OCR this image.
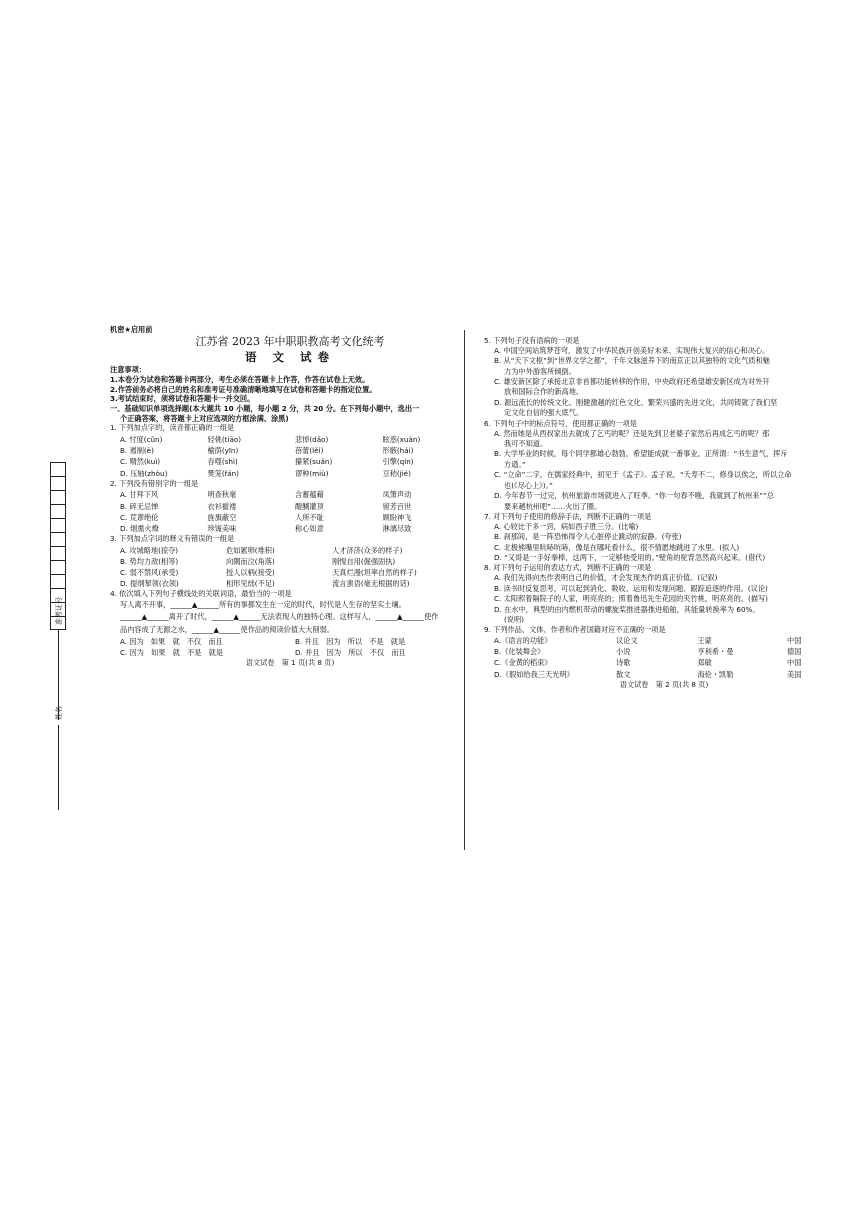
准考证号
姓名

机密★启用前

江苏省 2023 年中职职教高考文化统考

语 文 试卷

注意事项：

1.本卷分为试卷和答题卡两部分，考生必须在答题卡上作答，作答在试卷上无效。

2.作答前务必将自己的姓名和准考证号准确清晰地填写在试卷和答题卡的指定位置。

3.考试结束时，须将试卷和答题卡一并交回。

一、基础知识单项选择题(本大题共 10 小题，每小题 2 分，共 20 分。在下列每小题中，选出一

个正确答案，将答题卡上对应选项的方框涂满、涂黑)

1. 下列加点字的，读音都正确的一组是

A. 忖度(cǔn)	轻佻(tiāo)	悲悼(dǎo)	眩惑(xuàn)
B. 遏制(è)	榆荫(yīn)	蓓蕾(lěi)	形骸(hái)
C. 喟然(kuì)	吞噬(shì)	攥紧(suǎn)	引擎(qín)
D. 压轴(zhòu)	樊笼(fán)	谬种(miù)	豆秸(jié)

2. 下列没有错别字的一组是

A. 甘拜下风	明查秋毫	含蓄蕴藉	凤箫声动
B. 碎无忌惮	衣衫褴褛	醍醐灌顶	留芳百世
C. 荒谬绝伦	旌旗蔽空	人所不耻	顾盼神飞
D. 烟熏火燎	珍馐美味	称心如意	淋漓尽致

3. 下列加点字词的释义有错误的一组是

A. 攻城略地(掠夺)	危如累卵(堆积)	人才济济(众多的样子)
B. 势均力敌(相等)	向隅而泣(角落)	刚愎自用(倔强固执)
C. 弱不禁风(承受)	授人以柄(接受)	天真烂漫(坦率自然的样子)
D. 提纲挈领(衣领)	相形见绌(不足)	流言蜚语(毫无根据的话)

4. 依次填入下列句子横线处的关联词语，最恰当的一项是

写人离不开事，______▲______所有的事都发生在一定的时代，时代是人生存的坚实土壤。

______▲______离开了时代，______▲______无法表现人的独特心理。这样写人，______▲______使作

品内容成了无源之水，______▲______使作品的阅读价值大大削弱。

A. 因为　如果　就　不仅　而且	B. 并且　因为　所以　不是　就是
C. 因为　如果　就　不是　就是	D. 并且　因为　所以　不仅　而且

语文试卷　第 1 页(共 8 页)

5. 下列句子没有语病的一项是

A. 中国空间站筑梦苍穹，激发了中华民族开创美好未来、实现伟大复兴的信心和决心。

B. 从“天下文枢”到“世界文学之都”，千年文脉滋养下的南京正以其独特的文化气质和魅

力为中外游客所倾倒。

C. 雄安新区除了承接北京非首都功能转移的作用，中央政府还希望雄安新区成为对外开

放和国际合作的新高地。

D. 源远流长的传统文化、刚健激越的红色文化、繁荣兴盛的先进文化，共同铸就了我们坚

定文化自信的强大底气。

6. 下列句子中的标点符号，使用都正确的一项是

A. 然而她是从西叔家出去就成了乞丐的呢？还是先到卫老婆子家然后再成乞丐的呢？那

我可不知道。

B. 大学毕业的时候，每个同学都雄心勃勃，希望能成就一番事业，正所谓：“书生意气，挥斥

方遒。”

C. “立命”二字，在儒家经典中，初见于《孟子》。孟子说，“夭寿不二，修身以俟之，所以立命

也(《尽心上》)。”

D. 今年春节一过完，杭州旅游市场就进入了旺季。“你一句春不晚，我就到了杭州来”“总

要来趟杭州吧”……火出了圈。

7. 对下列句子使用的修辞手法，判断不正确的一项是

A. 心较比干多一窍，病如西子胜三分。(比喻)

B. 刹那间，是一阵恐怖得令人心脏停止跳动的寂静。(夸张)

C. 北极熊嘴里吭哧吭哧，像是在哪吒看什么，很不情愿地跳进了水里。(拟人)

D. “又哥是一手好拳棒，这两下，一定够他受用的。”壁角的驼背忽然高兴起来。(借代)

8. 对下列句子运用的表达方式，判断不正确的一项是

A. 我们先得向杰作表明自己的价值，才会发现杰作的真正价值。(记叙)

B. 读书时反复思考，可以起到消化、吸收、运用和发现问题、跟踪追逐的作用。(议论)

C. 太阳照着隔院子的人家，明亮亮的；照着鲁迅先生花园的夹竹桃，明亮亮的。(描写)

D. 在水中，典型的由内燃机带动的螺旋桨推进器推进船舶，其能量转换率为 60%。

(说明)

9. 下列作品、文体、作者和作者国籍对应不正确的一项是

A.《语言的功能》	议论文	王蒙	中国
B.《化装舞会》	小说	亨利希・曼	德国
C.《金黄的稻束》	诗歌	郑敏	中国
D.《假如给我三天光明》	散文	海伦・凯勒	美国

语文试卷　第 2 页(共 8 页)
